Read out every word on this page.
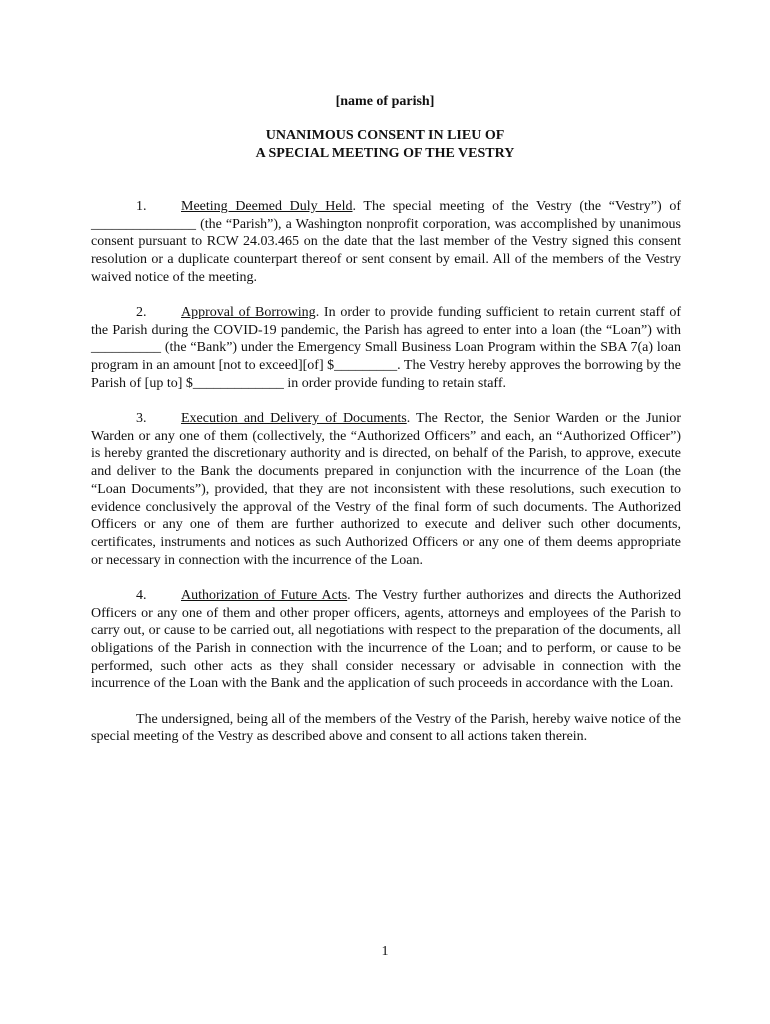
[name of parish]
UNANIMOUS CONSENT IN LIEU OF
A SPECIAL MEETING OF THE VESTRY

1. Meeting Deemed Duly Held. The special meeting of the Vestry (the “Vestry”) of _______________ (the “Parish”), a Washington nonprofit corporation, was accomplished by unanimous consent pursuant to RCW 24.03.465 on the date that the last member of the Vestry signed this consent resolution or a duplicate counterpart thereof or sent consent by email. All of the members of the Vestry waived notice of the meeting.

2. Approval of Borrowing. In order to provide funding sufficient to retain current staff of the Parish during the COVID-19 pandemic, the Parish has agreed to enter into a loan (the “Loan”) with __________ (the “Bank”) under the Emergency Small Business Loan Program within the SBA 7(a) loan program in an amount [not to exceed][of] $_________. The Vestry hereby approves the borrowing by the Parish of [up to] $_____________ in order provide funding to retain staff.

3. Execution and Delivery of Documents. The Rector, the Senior Warden or the Junior Warden or any one of them (collectively, the “Authorized Officers” and each, an “Authorized Officer”) is hereby granted the discretionary authority and is directed, on behalf of the Parish, to approve, execute and deliver to the Bank the documents prepared in conjunction with the incurrence of the Loan (the “Loan Documents”), provided, that they are not inconsistent with these resolutions, such execution to evidence conclusively the approval of the Vestry of the final form of such documents. The Authorized Officers or any one of them are further authorized to execute and deliver such other documents, certificates, instruments and notices as such Authorized Officers or any one of them deems appropriate or necessary in connection with the incurrence of the Loan.

4. Authorization of Future Acts. The Vestry further authorizes and directs the Authorized Officers or any one of them and other proper officers, agents, attorneys and employees of the Parish to carry out, or cause to be carried out, all negotiations with respect to the preparation of the documents, all obligations of the Parish in connection with the incurrence of the Loan; and to perform, or cause to be performed, such other acts as they shall consider necessary or advisable in connection with the incurrence of the Loan with the Bank and the application of such proceeds in accordance with the Loan.

The undersigned, being all of the members of the Vestry of the Parish, hereby waive notice of the special meeting of the Vestry as described above and consent to all actions taken therein.

1
